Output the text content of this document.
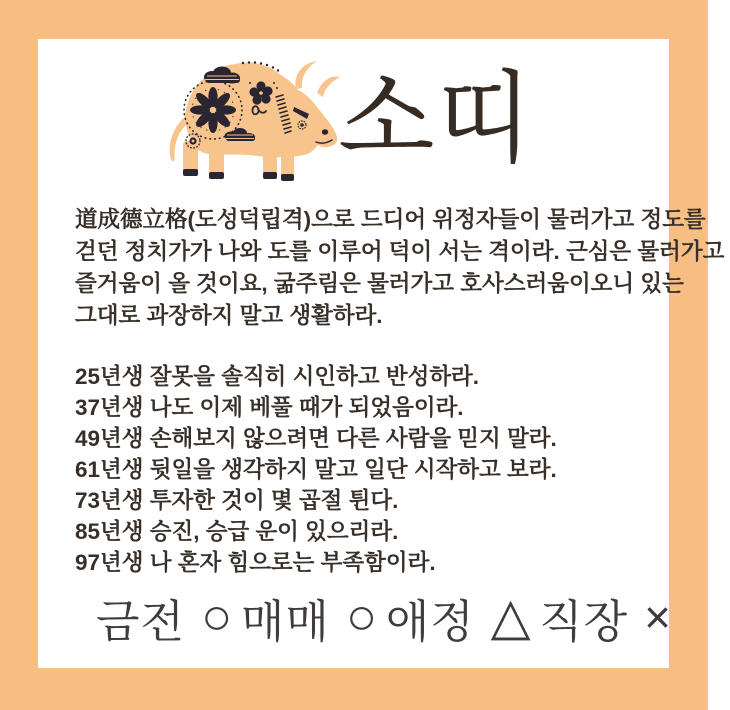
소띠
道成德立格(도성덕립격)으로 드디어 위정자들이 물러가고 정도를
걷던 정치가가 나와 도를 이루어 덕이 서는 격이라. 근심은 물러가고
즐거움이 올 것이요, 굶주림은 물러가고 호사스러움이오니 있는
그대로 과장하지 말고 생활하라.
25년생 잘못을 솔직히 시인하고 반성하라.
37년생 나도 이제 베풀 때가 되었음이라.
49년생 손해보지 않으려면 다른 사람을 믿지 말라.
61년생 뒷일을 생각하지 말고 일단 시작하고 보라.
73년생 투자한 것이 몇 곱절 튄다.
85년생 승진, 승급 운이 있으리라.
97년생 나 혼자 힘으로는 부족함이라.
금전 ○ 매매 ○ 애정 △ 직장 ×
